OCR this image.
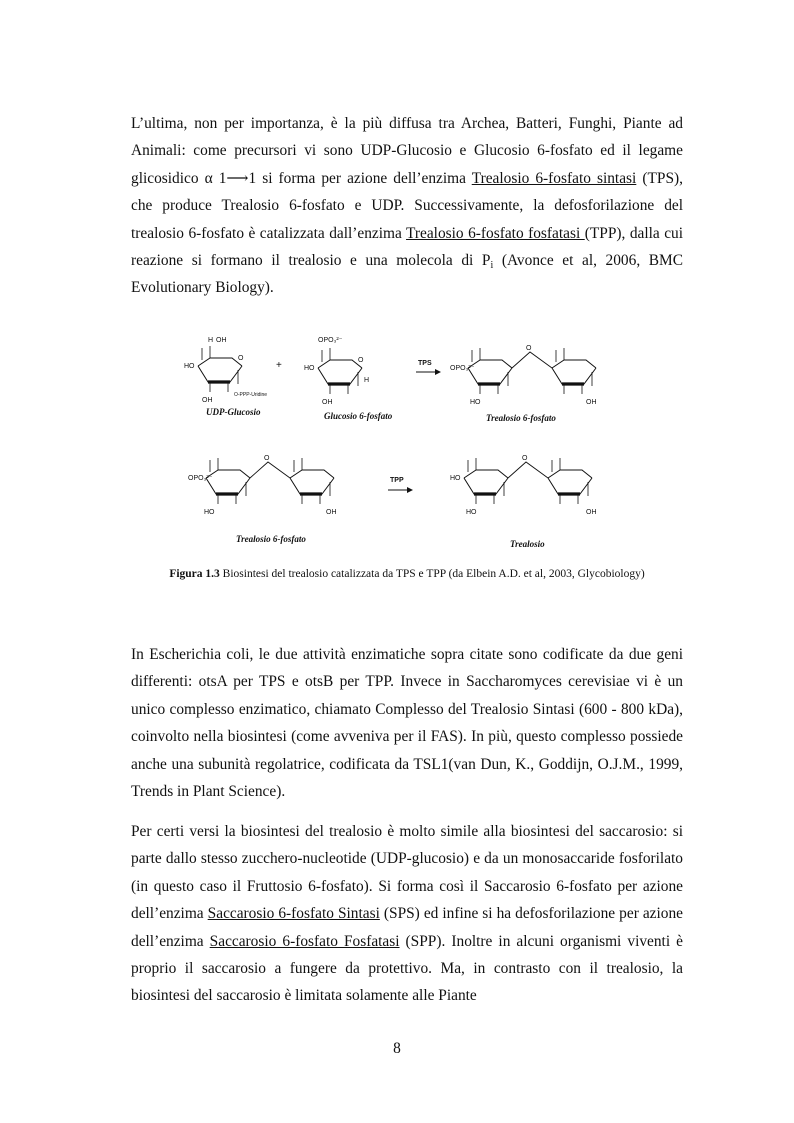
L’ultima, non per importanza, è la più diffusa tra Archea, Batteri, Funghi, Piante ad Animali: come precursori vi sono UDP-Glucosio e Glucosio 6-fosfato ed il legame glicosidico α 1⟶1 si forma per azione dell’enzima Trealosio 6-fosfato sintasi (TPS), che produce Trealosio 6-fosfato e UDP. Successivamente, la defosforilazione del trealosio 6-fosfato è catalizzata dall’enzima Trealosio 6-fosfato fosfatasi (TPP), dalla cui reazione si formano il trealosio e una molecola di $P_i$ (Avonce et al, 2006, BMC Evolutionary Biology).

H OH
HO
O
OH
O-PPP-Uridine
+
OPO₃²⁻
HO
O
OH
H
TPS
OPO₃²⁻
O
HO	OH
UDP-Glucosio	Glucosio 6-fosfato	Trealosio 6-fosfato
OPO₃²⁻
O
HO	OH
TPP	HO
O
HO	OH
Trealosio 6-fosfato	Trealosio

Figura 1.3 Biosintesi del trealosio catalizzata da TPS e TPP (da Elbein A.D. et al, 2003, Glycobiology)

In Escherichia coli, le due attività enzimatiche sopra citate sono codificate da due geni differenti: otsA per TPS e otsB per TPP. Invece in Saccharomyces cerevisiae vi è un unico complesso enzimatico, chiamato Complesso del Trealosio Sintasi (600 - 800 kDa), coinvolto nella biosintesi (come avveniva per il FAS). In più, questo complesso possiede anche una subunità regolatrice, codificata da TSL1(van Dun, K., Goddijn, O.J.M., 1999, Trends in Plant Science).

Per certi versi la biosintesi del trealosio è molto simile alla biosintesi del saccarosio: si parte dallo stesso zucchero-nucleotide (UDP-glucosio) e da un monosaccaride fosforilato (in questo caso il Fruttosio 6-fosfato). Si forma così il Saccarosio 6-fosfato per azione dell’enzima Saccarosio 6-fosfato Sintasi (SPS) ed infine si ha defosforilazione per azione dell’enzima Saccarosio 6-fosfato Fosfatasi (SPP). Inoltre in alcuni organismi viventi è proprio il saccarosio a fungere da protettivo. Ma, in contrasto con il trealosio, la biosintesi del saccarosio è limitata solamente alle Piante

8
